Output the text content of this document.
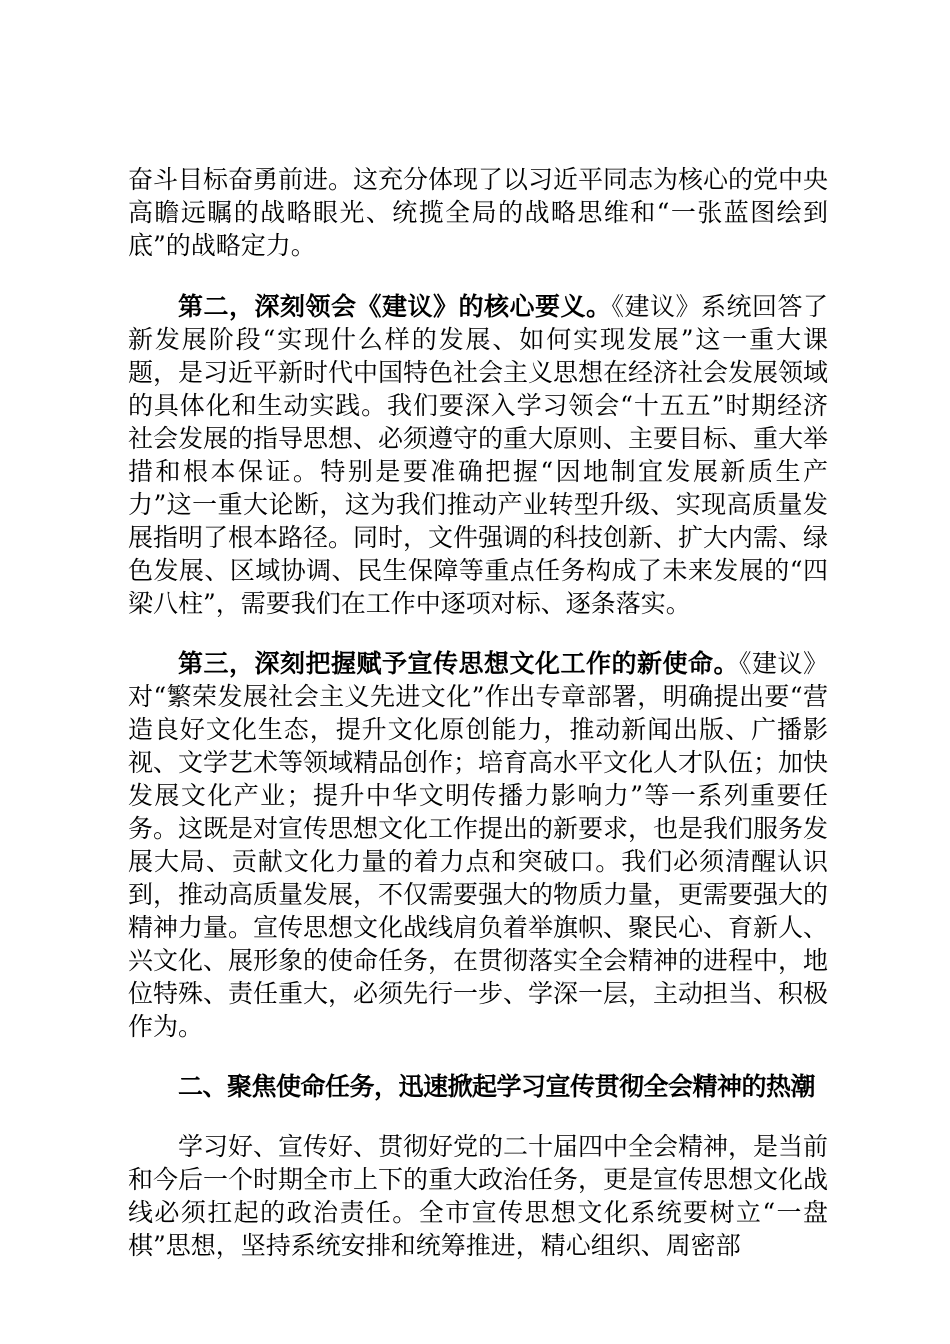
奋斗目标奋勇前进。这充分体现了以习近平同志为核心的党中央高瞻远瞩的战略眼光、统揽全局的战略思维和“一张蓝图绘到底”的战略定力。

第二，深刻领会《建议》的核心要义。《建议》系统回答了新发展阶段“实现什么样的发展、如何实现发展”这一重大课题，是习近平新时代中国特色社会主义思想在经济社会发展领域的具体化和生动实践。我们要深入学习领会“十五五”时期经济社会发展的指导思想、必须遵守的重大原则、主要目标、重大举措和根本保证。特别是要准确把握“因地制宜发展新质生产力”这一重大论断，这为我们推动产业转型升级、实现高质量发展指明了根本路径。同时，文件强调的科技创新、扩大内需、绿色发展、区域协调、民生保障等重点任务构成了未来发展的“四梁八柱”，需要我们在工作中逐项对标、逐条落实。

第三，深刻把握赋予宣传思想文化工作的新使命。《建议》对“繁荣发展社会主义先进文化”作出专章部署，明确提出要“营造良好文化生态，提升文化原创能力，推动新闻出版、广播影视、文学艺术等领域精品创作；培育高水平文化人才队伍；加快发展文化产业；提升中华文明传播力影响力”等一系列重要任务。这既是对宣传思想文化工作提出的新要求，也是我们服务发展大局、贡献文化力量的着力点和突破口。我们必须清醒认识到，推动高质量发展，不仅需要强大的物质力量，更需要强大的精神力量。宣传思想文化战线肩负着举旗帜、聚民心、育新人、兴文化、展形象的使命任务，在贯彻落实全会精神的进程中，地位特殊、责任重大，必须先行一步、学深一层，主动担当、积极作为。

二、聚焦使命任务，迅速掀起学习宣传贯彻全会精神的热潮

学习好、宣传好、贯彻好党的二十届四中全会精神，是当前和今后一个时期全市上下的重大政治任务，更是宣传思想文化战线必须扛起的政治责任。全市宣传思想文化系统要树立“一盘棋”思想，坚持系统安排和统筹推进，精心组织、周密部
